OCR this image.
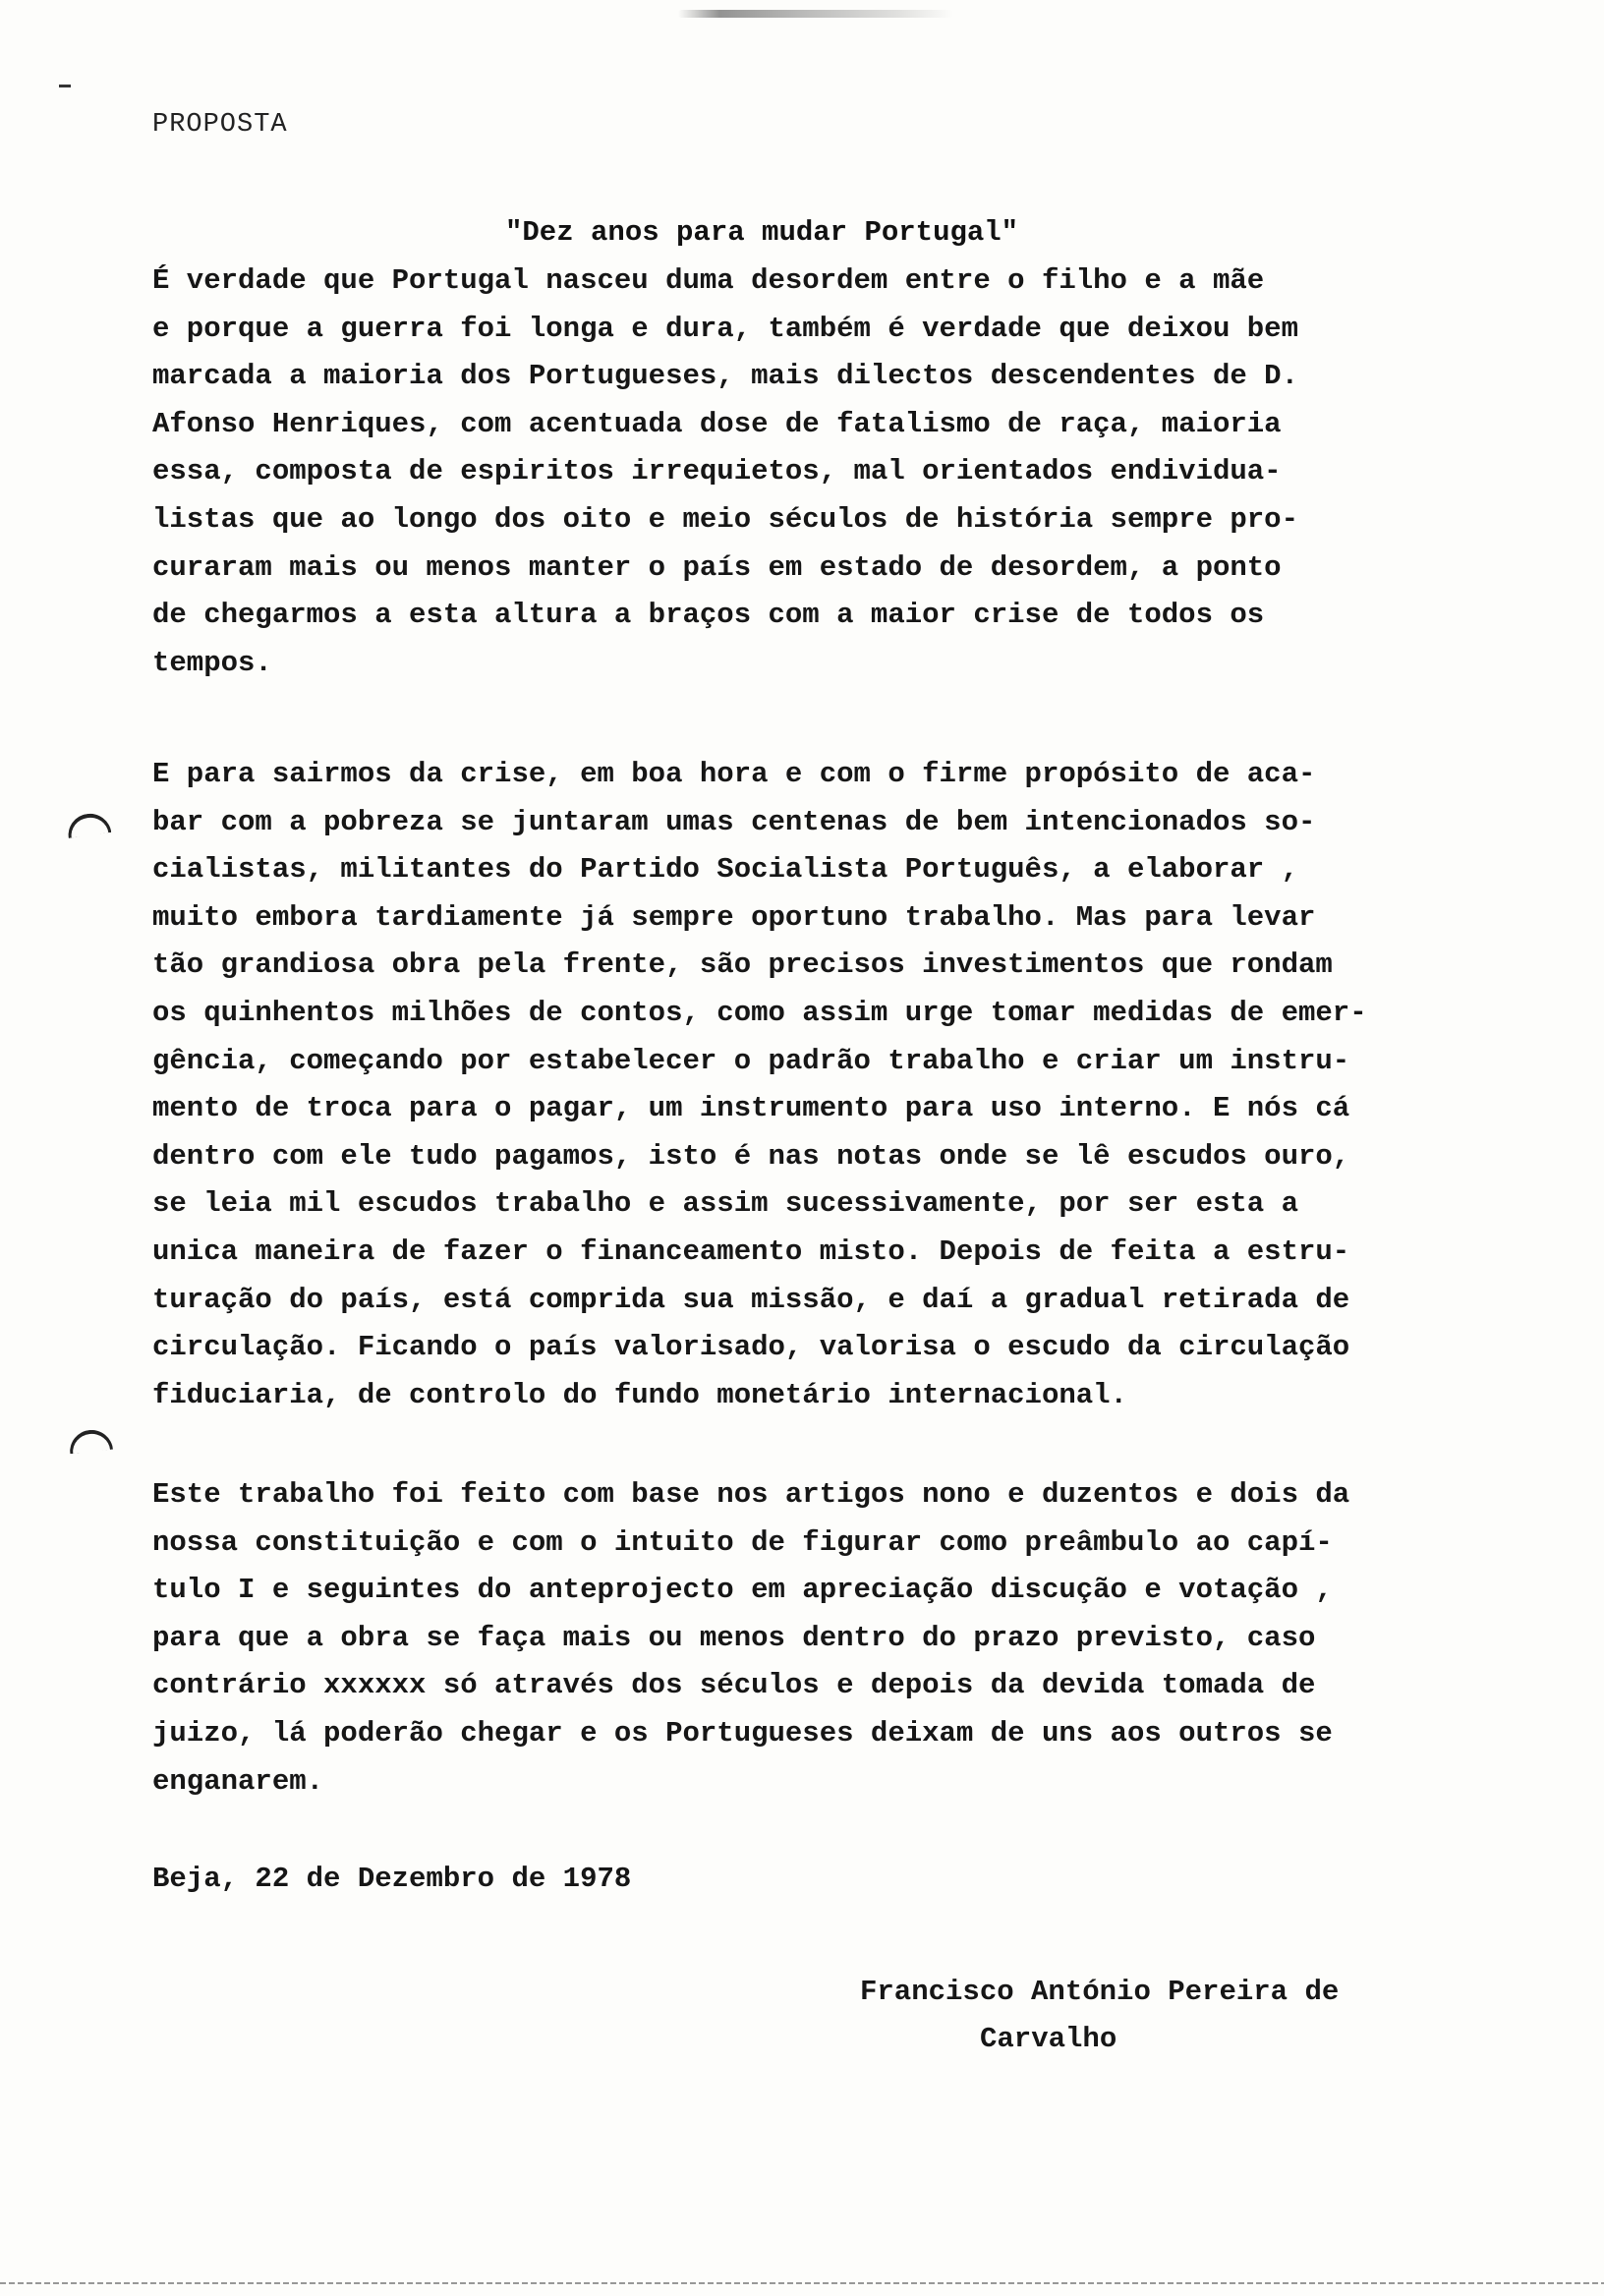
PROPOSTA
"Dez anos para mudar Portugal"
É verdade que Portugal nasceu duma desordem entre o filho e a mãe
e porque a guerra foi longa e dura, também é verdade que deixou bem
marcada a maioria dos Portugueses, mais dilectos descendentes de D.
Afonso Henriques, com acentuada dose de fatalismo de raça, maioria
essa, composta de espiritos irrequietos, mal orientados endividua-
listas que ao longo dos oito e meio séculos de história sempre pro-
curaram mais ou menos manter o país em estado de desordem, a ponto
de chegarmos a esta altura a braços com a maior crise de todos os
tempos.
E para sairmos da crise, em boa hora e com o firme propósito de aca-
bar com a pobreza se juntaram umas centenas de bem intencionados so-
cialistas, militantes do Partido Socialista Português, a elaborar ,
muito embora tardiamente já sempre oportuno trabalho. Mas para levar
tão grandiosa obra pela frente, são precisos investimentos que rondam
os quinhentos milhões de contos, como assim urge tomar medidas de emer-
gência, começando por estabelecer o padrão trabalho e criar um instru-
mento de troca para o pagar, um instrumento para uso interno. E nós cá
dentro com ele tudo pagamos, isto é nas notas onde se lê escudos ouro,
se leia mil escudos trabalho e assim sucessivamente, por ser esta a
unica maneira de fazer o financeamento misto. Depois de feita a estru-
turação do país, está comprida sua missão, e daí a gradual retirada de
circulação. Ficando o país valorisado, valorisa o escudo da circulação
fiduciaria, de controlo do fundo monetário internacional.
Este trabalho foi feito com base nos artigos nono e duzentos e dois da
nossa constituição e com o intuito de figurar como preâmbulo ao capí-
tulo I e seguintes do anteprojecto em apreciação discução e votação ,
para que a obra se faça mais ou menos dentro do prazo previsto, caso
contrário xxxxxx só através dos séculos e depois da devida tomada de
juizo, lá poderão chegar e os Portugueses deixam de uns aos outros se
enganarem.
Beja, 22 de Dezembro de 1978
Francisco António Pereira de
Carvalho
